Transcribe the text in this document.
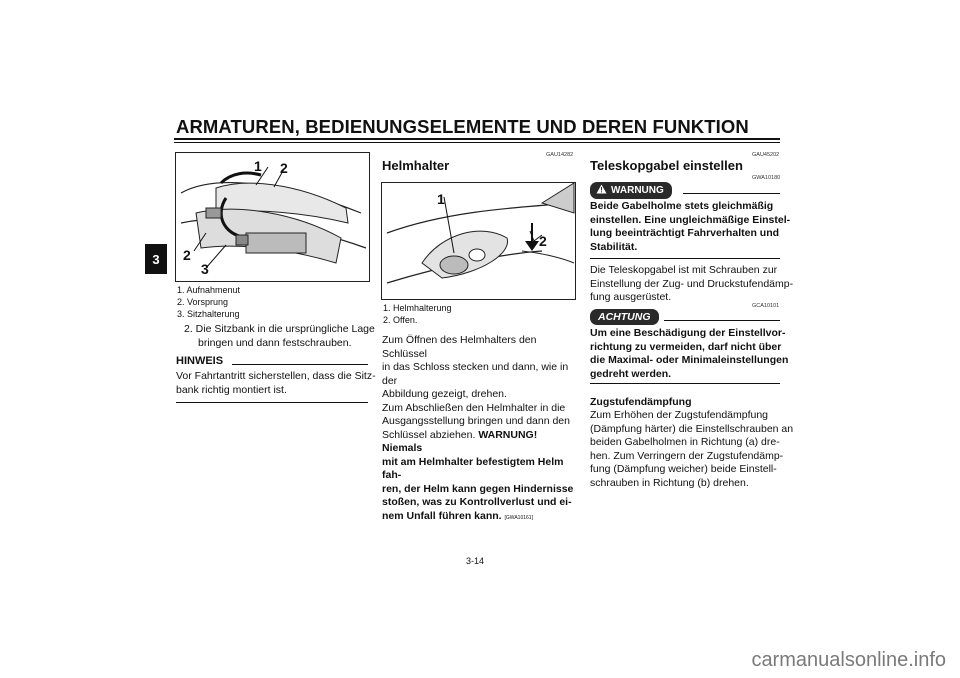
ARMATUREN, BEDIENUNGSELEMENTE UND DEREN FUNKTION
3
1 2
2
3
1. Aufnahmenut
2. Vorsprung
3. Sitzhalterung
2. Die Sitzbank in die ursprüngliche Lage
bringen und dann festschrauben.
HINWEIS
Vor Fahrtantritt sicherstellen, dass die Sitz-
bank richtig montiert ist.
GAU14282
Helmhalter
1
2
1. Helmhalterung
2. Offen.
Zum Öffnen des Helmhalters den Schlüssel
in das Schloss stecken und dann, wie in der
Abbildung gezeigt, drehen.
Zum Abschließen den Helmhalter in die
Ausgangsstellung bringen und dann den
Schlüssel abziehen. WARNUNG! Niemals
mit am Helmhalter befestigtem Helm fah-
ren, der Helm kann gegen Hindernisse
stoßen, was zu Kontrollverlust und ei-
nem Unfall führen kann. [GWA10161]
GAU45202
Teleskopgabel einstellen
GWA10180
WARNUNG
Beide Gabelholme stets gleichmäßig
einstellen. Eine ungleichmäßige Einstel-
lung beeinträchtigt Fahrverhalten und
Stabilität.
Die Teleskopgabel ist mit Schrauben zur
Einstellung der Zug- und Druckstufendämp-
fung ausgerüstet.
GCA10101
ACHTUNG
Um eine Beschädigung der Einstellvor-
richtung zu vermeiden, darf nicht über
die Maximal- oder Minimaleinstellungen
gedreht werden.
Zugstufendämpfung
Zum Erhöhen der Zugstufendämpfung
(Dämpfung härter) die Einstellschrauben an
beiden Gabelholmen in Richtung (a) dre-
hen. Zum Verringern der Zugstufendämp-
fung (Dämpfung weicher) beide Einstell-
schrauben in Richtung (b) drehen.
3-14
carmanualsonline.info
